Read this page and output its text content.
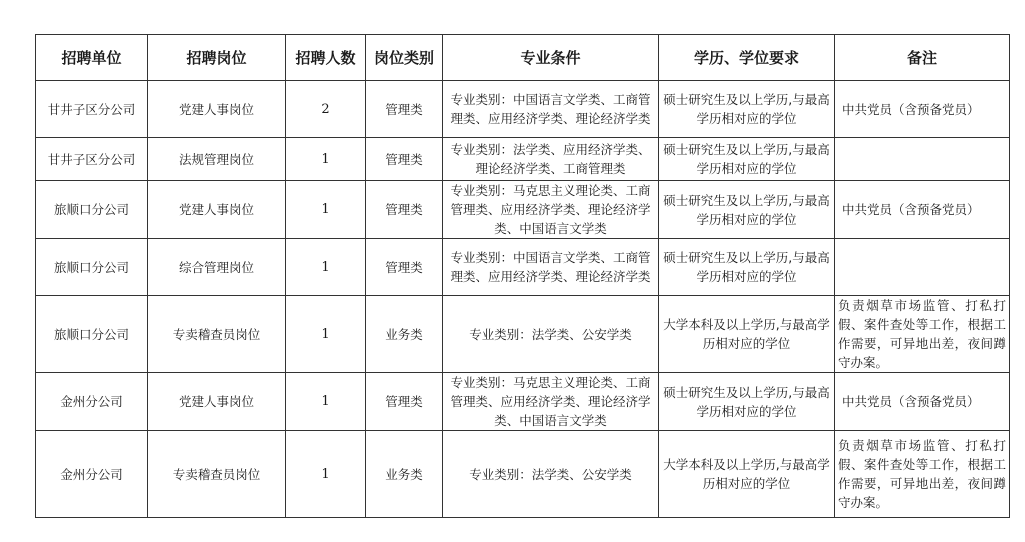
招聘单位	招聘岗位	招聘人数	岗位类别	专业条件	学历、学位要求	备注
甘井子区分公司	党建人事岗位	2	管理类	专业类别：中国语言文学类、工商管理类、应用经济学类、理论经济学类	硕士研究生及以上学历,与最高学历相对应的学位	中共党员（含预备党员）
甘井子区分公司	法规管理岗位	1	管理类	专业类别：法学类、应用经济学类、理论经济学类、工商管理类	硕士研究生及以上学历,与最高学历相对应的学位	
旅顺口分公司	党建人事岗位	1	管理类	专业类别：马克思主义理论类、工商管理类、应用经济学类、理论经济学类、中国语言文学类	硕士研究生及以上学历,与最高学历相对应的学位	中共党员（含预备党员）
旅顺口分公司	综合管理岗位	1	管理类	专业类别：中国语言文学类、工商管理类、应用经济学类、理论经济学类	硕士研究生及以上学历,与最高学历相对应的学位	
旅顺口分公司	专卖稽查员岗位	1	业务类	专业类别：法学类、公安学类	大学本科及以上学历,与最高学历相对应的学位	负责烟草市场监管、打私打假、案件查处等工作，根据工作需要，可异地出差，夜间蹲守办案。
金州分公司	党建人事岗位	1	管理类	专业类别：马克思主义理论类、工商管理类、应用经济学类、理论经济学类、中国语言文学类	硕士研究生及以上学历,与最高学历相对应的学位	中共党员（含预备党员）
金州分公司	专卖稽查员岗位	1	业务类	专业类别：法学类、公安学类	大学本科及以上学历,与最高学历相对应的学位	负责烟草市场监管、打私打假、案件查处等工作，根据工作需要，可异地出差，夜间蹲守办案。
